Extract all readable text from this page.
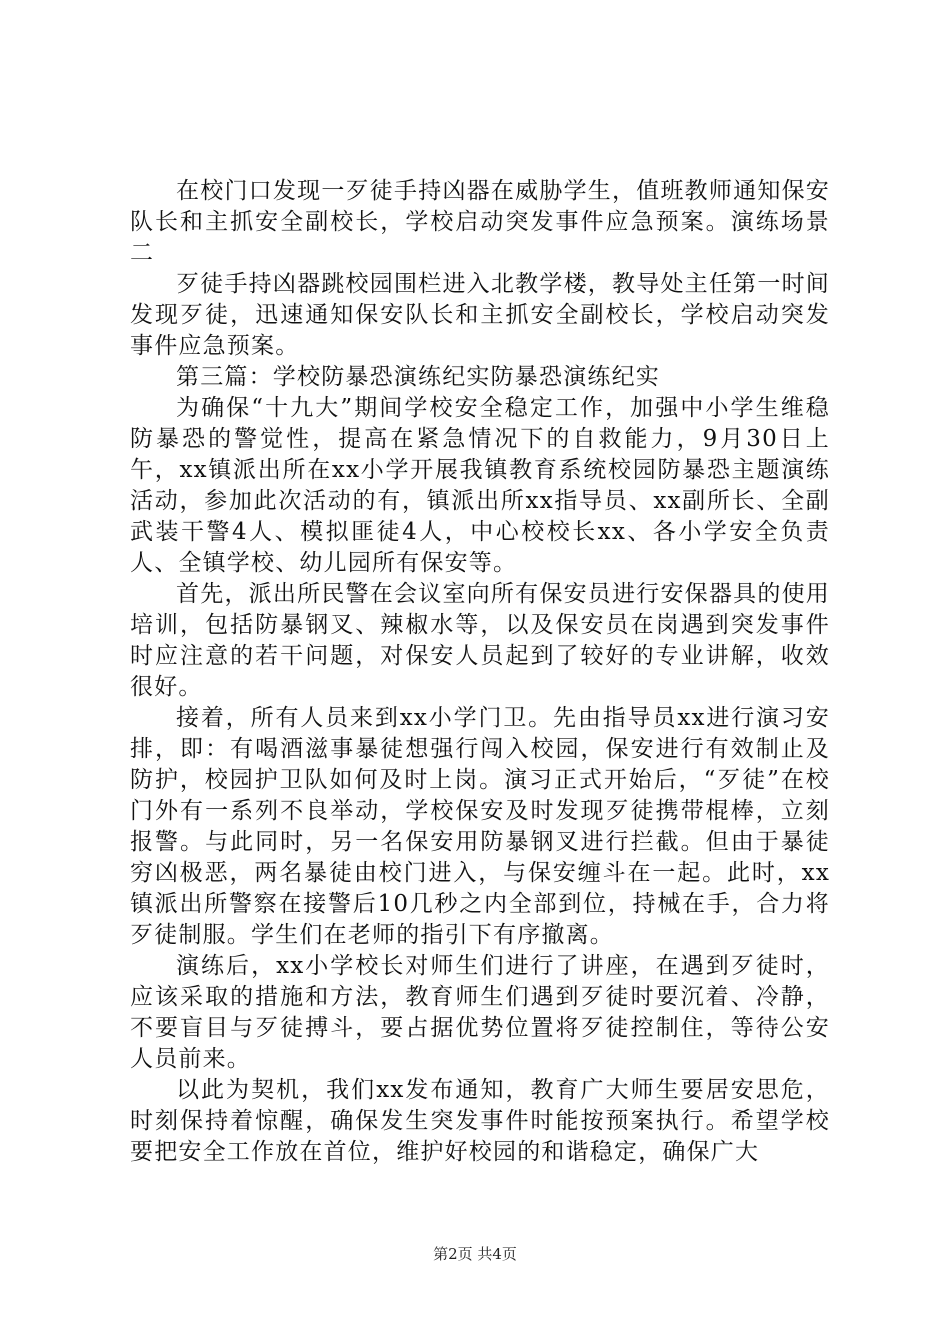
在校门口发现一歹徒手持凶器在威胁学生，值班教师通知保安队长和主抓安全副校长，学校启动突发事件应急预案。演练场景二

歹徒手持凶器跳校园围栏进入北教学楼，教导处主任第一时间发现歹徒，迅速通知保安队长和主抓安全副校长，学校启动突发事件应急预案。

第三篇：学校防暴恐演练纪实防暴恐演练纪实

为确保“十九大”期间学校安全稳定工作，加强中小学生维稳防暴恐的警觉性，提高在紧急情况下的自救能力，9月30日上午，xx镇派出所在xx小学开展我镇教育系统校园防暴恐主题演练活动，参加此次活动的有，镇派出所xx指导员、xx副所长、全副武装干警4人、模拟匪徒4人，中心校校长xx、各小学安全负责人、全镇学校、幼儿园所有保安等。

首先，派出所民警在会议室向所有保安员进行安保器具的使用培训，包括防暴钢叉、辣椒水等，以及保安员在岗遇到突发事件时应注意的若干问题，对保安人员起到了较好的专业讲解，收效很好。

接着，所有人员来到xx小学门卫。先由指导员xx进行演习安排，即：有喝酒滋事暴徒想强行闯入校园，保安进行有效制止及防护，校园护卫队如何及时上岗。演习正式开始后，“歹徒”在校门外有一系列不良举动，学校保安及时发现歹徒携带棍棒，立刻报警。与此同时，另一名保安用防暴钢叉进行拦截。但由于暴徒穷凶极恶，两名暴徒由校门进入，与保安缠斗在一起。此时，xx镇派出所警察在接警后10几秒之内全部到位，持械在手，合力将歹徒制服。学生们在老师的指引下有序撤离。

演练后，xx小学校长对师生们进行了讲座，在遇到歹徒时，应该采取的措施和方法，教育师生们遇到歹徒时要沉着、冷静，不要盲目与歹徒搏斗，要占据优势位置将歹徒控制住，等待公安人员前来。

以此为契机，我们xx发布通知，教育广大师生要居安思危，时刻保持着惊醒，确保发生突发事件时能按预案执行。希望学校要把安全工作放在首位，维护好校园的和谐稳定，确保广大

第2页 共4页
